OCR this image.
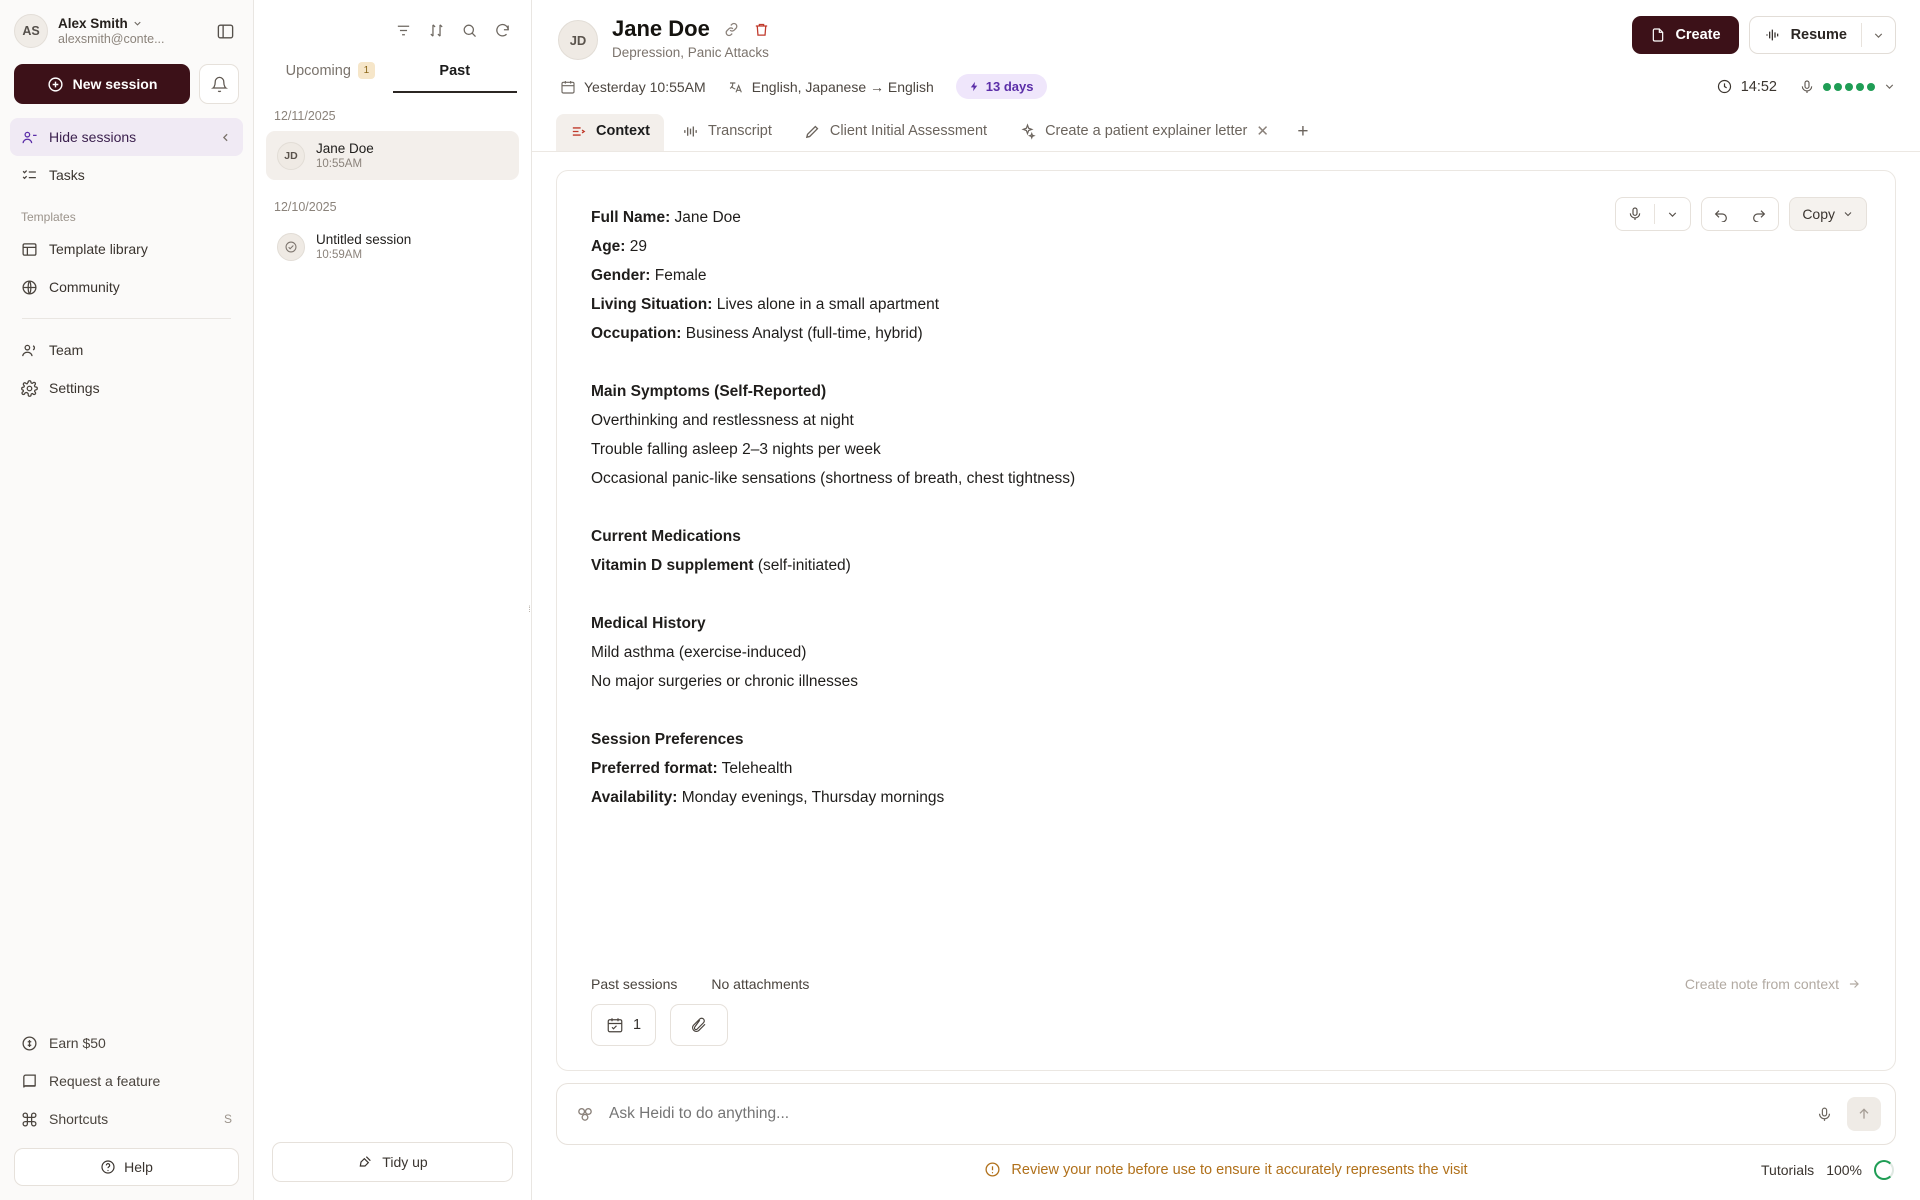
AS	Alex Smith
alexsmith@conte...
New session
Hide sessions
Tasks
Templates
Template library
Community
Team
Settings
Earn $50
Request a feature
Shortcuts	S
Help
Upcoming	1	Past
12/11/2025
JD	Jane Doe
10:55AM
12/10/2025
Untitled session
10:59AM
⁞
Tidy up
JD	Jane Doe
Depression, Panic Attacks
Create	Resume
Yesterday 10:55AM	English, Japanese → English	13 days	14:52
Context	Transcript	Client Initial Assessment	Create a patient explainer letter ✕	+
Copy
Full Name: Jane Doe
Age: 29
Gender: Female
Living Situation: Lives alone in a small apartment
Occupation: Business Analyst (full-time, hybrid)
Main Symptoms (Self-Reported)
Overthinking and restlessness at night
Trouble falling asleep 2–3 nights per week
Occasional panic-like sensations (shortness of breath, chest tightness)
Current Medications
Vitamin D supplement (self-initiated)
Medical History
Mild asthma (exercise-induced)
No major surgeries or chronic illnesses
Session Preferences
Preferred format: Telehealth
Availability: Monday evenings, Thursday mornings
Past sessions No attachments	Create note from context
1
Ask Heidi to do anything...
Review your note before use to ensure it accurately represents the visit	Tutorials 100%
